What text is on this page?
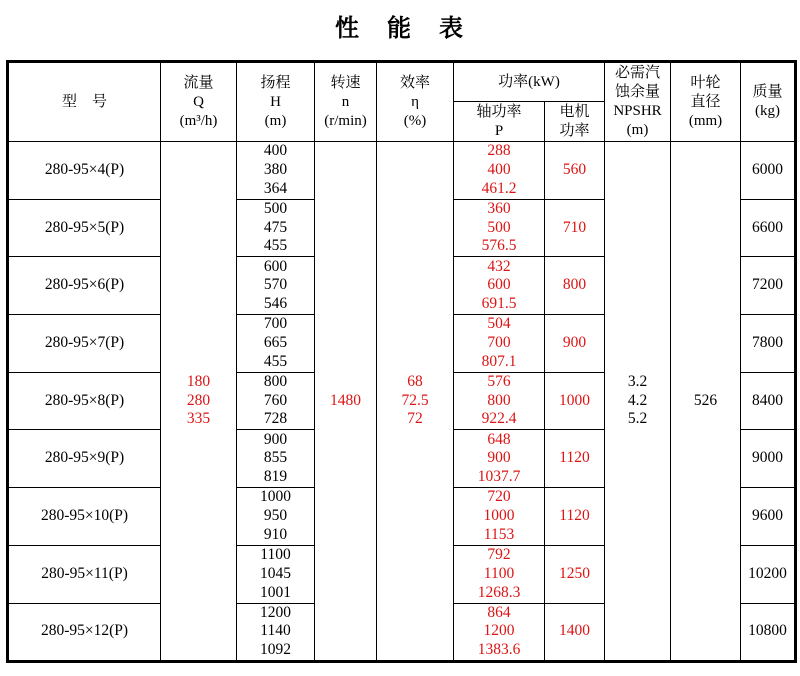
性　能　表
型　号	流量
Q
(m³/h)	扬程
H
(m)	转速
n
(r/min)	效率
η
(%)	功率(kW)		必需汽
蚀余量
NPSHR
(m)	叶轮
直径
(mm)	质量
(kg)

					轴功率
P	电机
功率			

280-95×4(P)	180
280
335	400
380
364	1480	68
72.5
72	288
400
461.2	560	3.2
4.2
5.2	526	6000

280-95×5(P)		500
475
455			360
500
576.5	710			6600

280-95×6(P)		600
570
546			432
600
691.5	800			7200

280-95×7(P)		700
665
455			504
700
807.1	900			7800

280-95×8(P)		800
760
728			576
800
922.4	1000			8400

280-95×9(P)		900
855
819			648
900
1037.7	1120			9000

280-95×10(P)		1000
950
910			720
1000
1153	1120			9600

280-95×11(P)		1100
1045
1001			792
1100
1268.3	1250			10200

280-95×12(P)		1200
1140
1092			864
1200
1383.6	1400			10800
